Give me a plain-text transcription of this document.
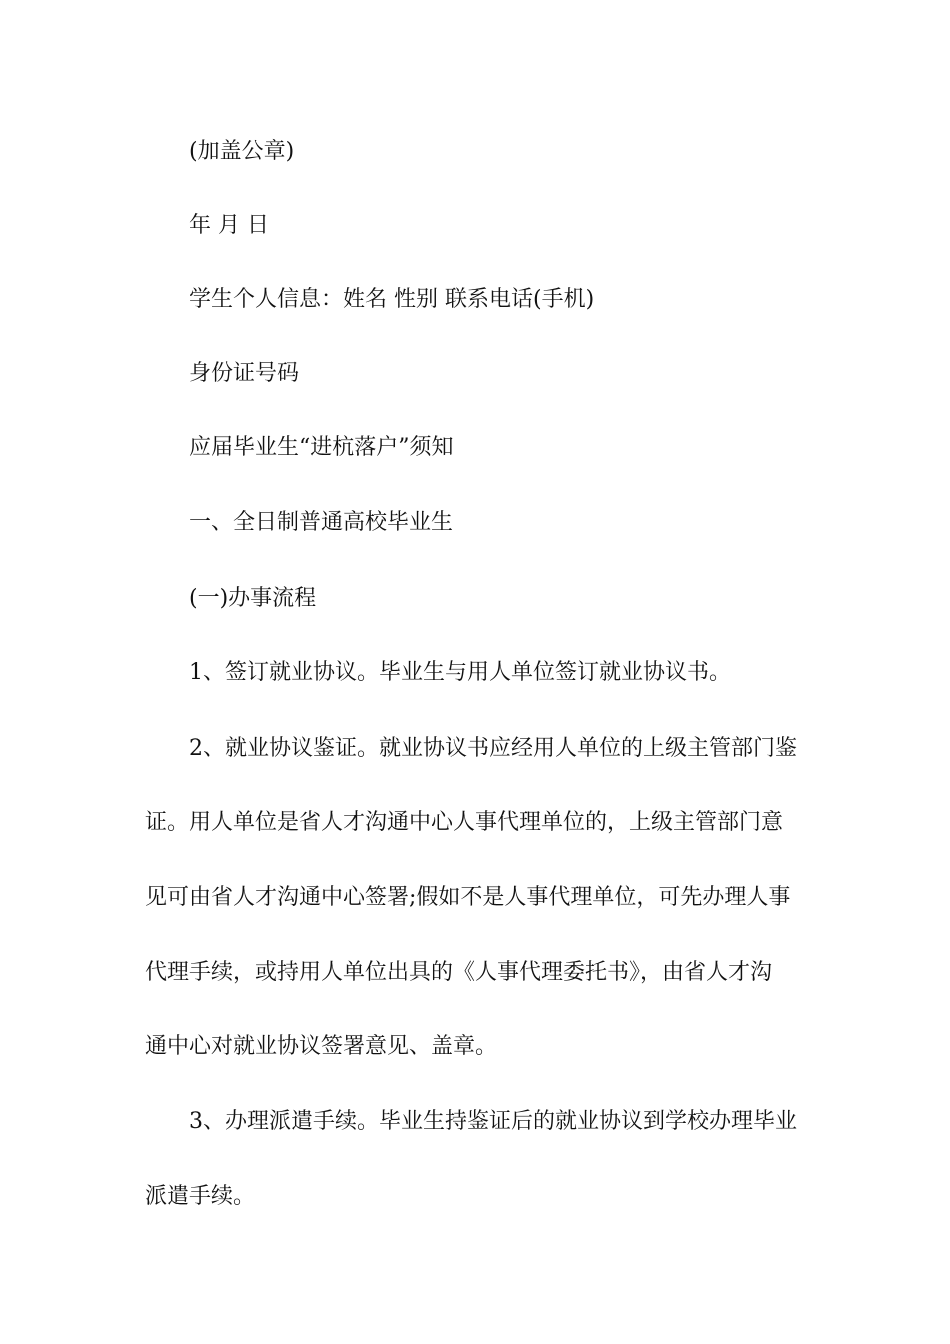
(加盖公章)
年 月 日
学生个人信息：姓名 性别 联系电话(手机)
身份证号码
应届毕业生“进杭落户”须知
一、全日制普通高校毕业生
(一)办事流程
1、签订就业协议。毕业生与用人单位签订就业协议书。
2、就业协议鉴证。就业协议书应经用人单位的上级主管部门鉴
证。用人单位是省人才沟通中心人事代理单位的，上级主管部门意
见可由省人才沟通中心签署;假如不是人事代理单位，可先办理人事
代理手续，或持用人单位出具的《人事代理委托书》，由省人才沟
通中心对就业协议签署意见、盖章。
3、办理派遣手续。毕业生持鉴证后的就业协议到学校办理毕业
派遣手续。
